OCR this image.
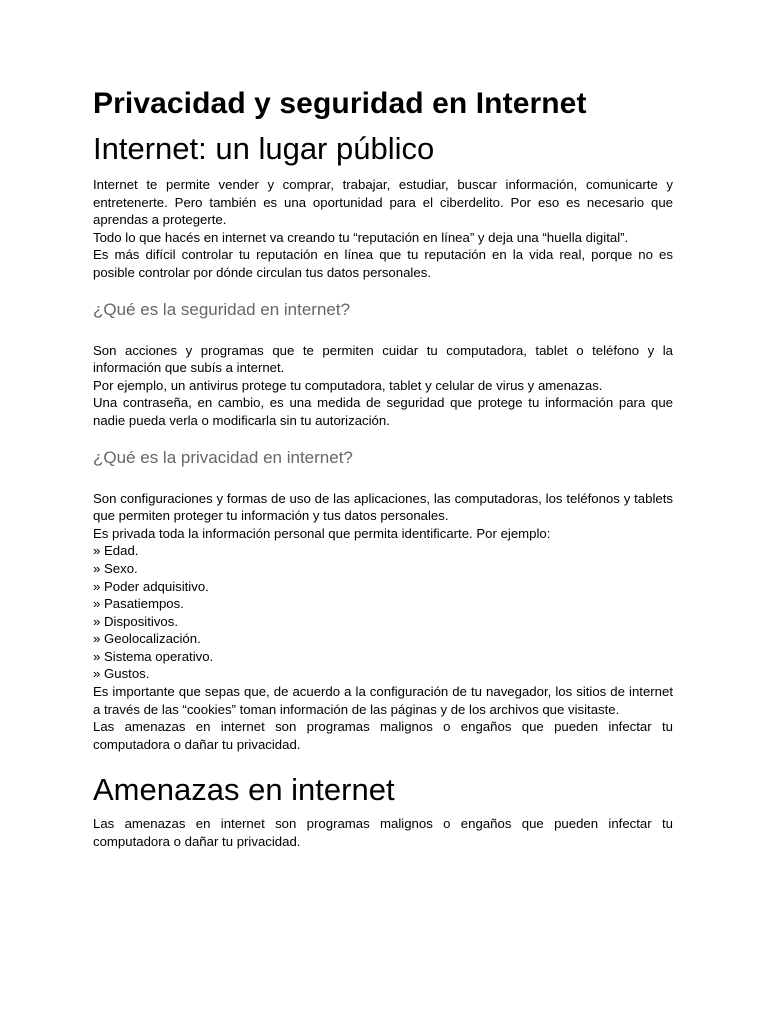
Privacidad y seguridad en Internet
Internet: un lugar público

Internet te permite vender y comprar, trabajar, estudiar, buscar información, comunicarte y entretenerte. Pero también es una oportunidad para el ciberdelito. Por eso es necesario que aprendas a protegerte.

Todo lo que hacés en internet va creando tu “reputación en línea” y deja una “huella digital”.

Es más difícil controlar tu reputación en línea que tu reputación en la vida real, porque no es posible controlar por dónde circulan tus datos personales.

¿Qué es la seguridad en internet?

Son acciones y programas que te permiten cuidar tu computadora, tablet o teléfono y la información que subís a internet.

Por ejemplo, un antivirus protege tu computadora, tablet y celular de virus y amenazas.

Una contraseña, en cambio, es una medida de seguridad que protege tu información para que nadie pueda verla o modificarla sin tu autorización.

¿Qué es la privacidad en internet?

Son configuraciones y formas de uso de las aplicaciones, las computadoras, los teléfonos y tablets que permiten proteger tu información y tus datos personales.

Es privada toda la información personal que permita identificarte. Por ejemplo:

» Edad.
» Sexo.
» Poder adquisitivo.
» Pasatiempos.
» Dispositivos.
» Geolocalización.
» Sistema operativo.
» Gustos.

Es importante que sepas que, de acuerdo a la configuración de tu navegador, los sitios de internet a través de las “cookies” toman información de las páginas y de los archivos que visitaste.

Las amenazas en internet son programas malignos o engaños que pueden infectar tu computadora o dañar tu privacidad.

Amenazas en internet

Las amenazas en internet son programas malignos o engaños que pueden infectar tu computadora o dañar tu privacidad.
